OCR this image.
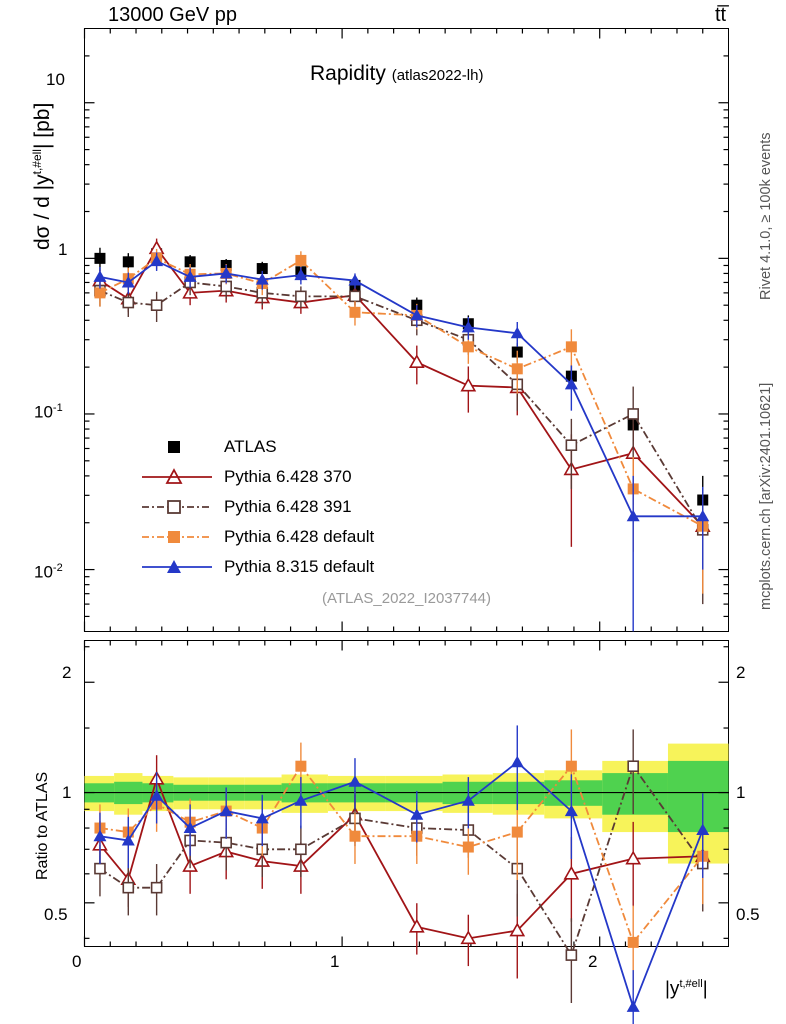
13000 GeV pp	tt̅
Rapidity (atlas2022-lh)
dσ / d $|y^{t,\#ell}|$ [pb]
(ATLAS_2022_I2037744)
Rivet 4.1.0, ≥ 100k events
mcplots.cern.ch [arXiv:2401.10621]
Ratio to ATLAS
$|y^{t,\#ell}|$
10
1
$10^{-1}$
$10^{-2}$
2
1
0.5
2
1
0.5
0	1	2
ATLAS
Pythia 6.428 370
Pythia 6.428 391
Pythia 6.428 default
Pythia 8.315 default
